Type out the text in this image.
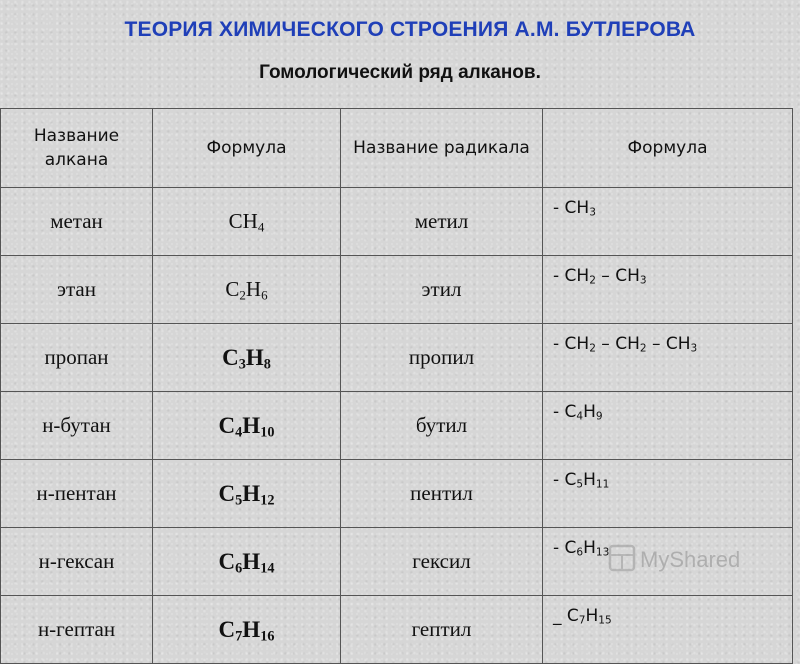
ТЕОРИЯ ХИМИЧЕСКОГО СТРОЕНИЯ А.М. БУТЛЕРОВА
Гомологический ряд алканов.
Название алкана	Формула	Название радикала	Формула
метан	$CH_4$	метил	- $CH_3$
этан	$C_2H_6$	этил	- $CH_2 - CH_3$
пропан	$C_3H_8$	пропил	- $CH_2 - CH_2 - CH_3$
н-бутан	$C_4H_{10}$	бутил	- $C_4H_9$
н-пентан	$C_5H_{12}$	пентил	- $C_5H_{11}$
н-гексан	$C_6H_{14}$	гексил	- $C_6H_{13}$
н-гептан	$C_7H_{16}$	гептил	_ $C_7H_{15}$
MyShared
